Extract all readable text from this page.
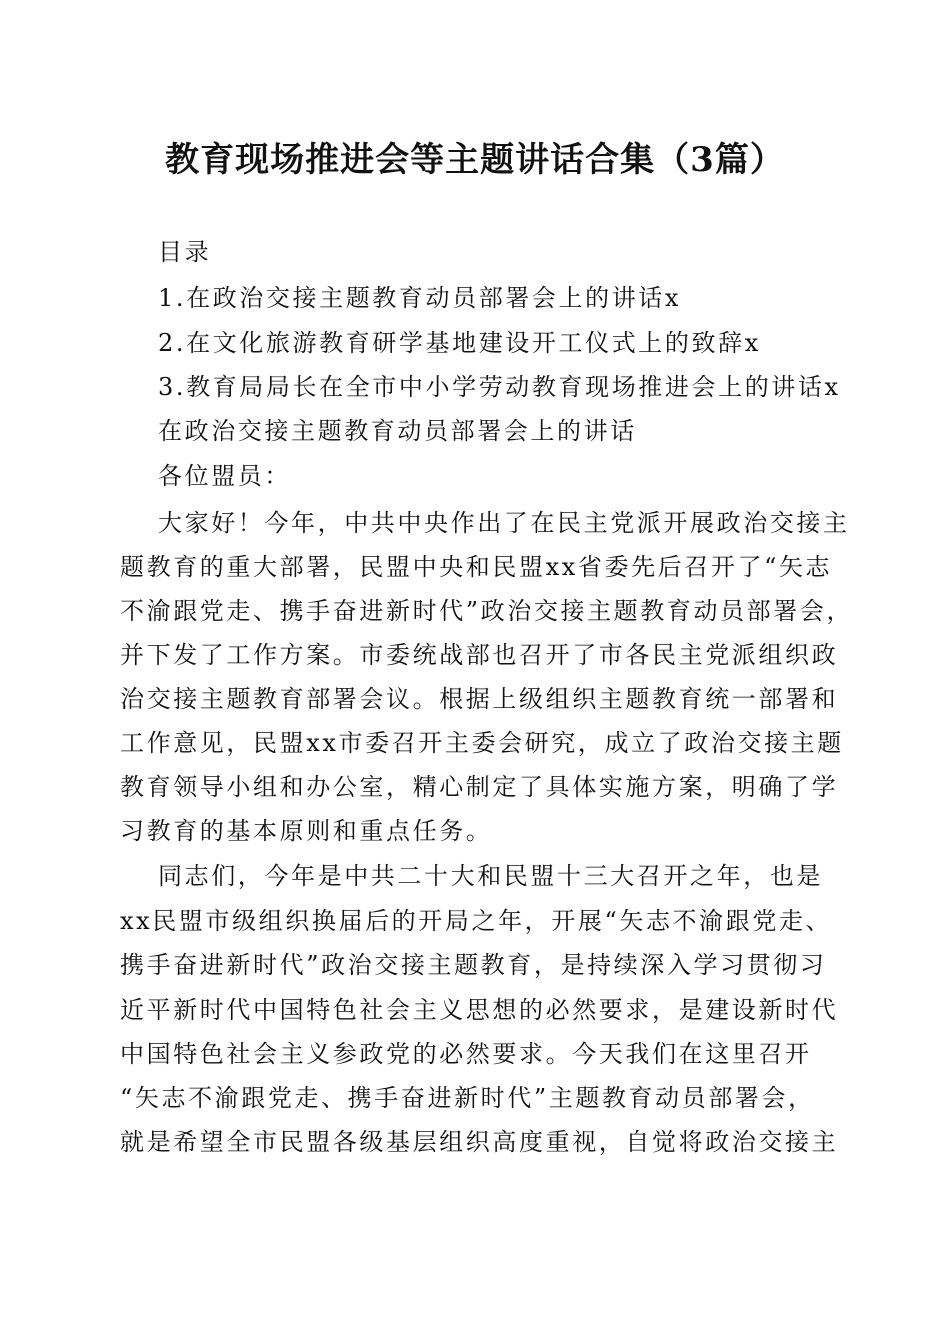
教育现场推进会等主题讲话合集（3篇）
目录
1.在政治交接主题教育动员部署会上的讲话x
2.在文化旅游教育研学基地建设开工仪式上的致辞x
3.教育局局长在全市中小学劳动教育现场推进会上的讲话x
在政治交接主题教育动员部署会上的讲话
各位盟员：
大家好！今年，中共中央作出了在民主党派开展政治交接主
题教育的重大部署，民盟中央和民盟xx省委先后召开了“矢志
不渝跟党走、携手奋进新时代”政治交接主题教育动员部署会，
并下发了工作方案。市委统战部也召开了市各民主党派组织政
治交接主题教育部署会议。根据上级组织主题教育统一部署和
工作意见，民盟xx市委召开主委会研究，成立了政治交接主题
教育领导小组和办公室，精心制定了具体实施方案，明确了学
习教育的基本原则和重点任务。
同志们，今年是中共二十大和民盟十三大召开之年，也是
xx民盟市级组织换届后的开局之年，开展“矢志不渝跟党走、
携手奋进新时代”政治交接主题教育，是持续深入学习贯彻习
近平新时代中国特色社会主义思想的必然要求，是建设新时代
中国特色社会主义参政党的必然要求。今天我们在这里召开
“矢志不渝跟党走、携手奋进新时代”主题教育动员部署会，
就是希望全市民盟各级基层组织高度重视，自觉将政治交接主
